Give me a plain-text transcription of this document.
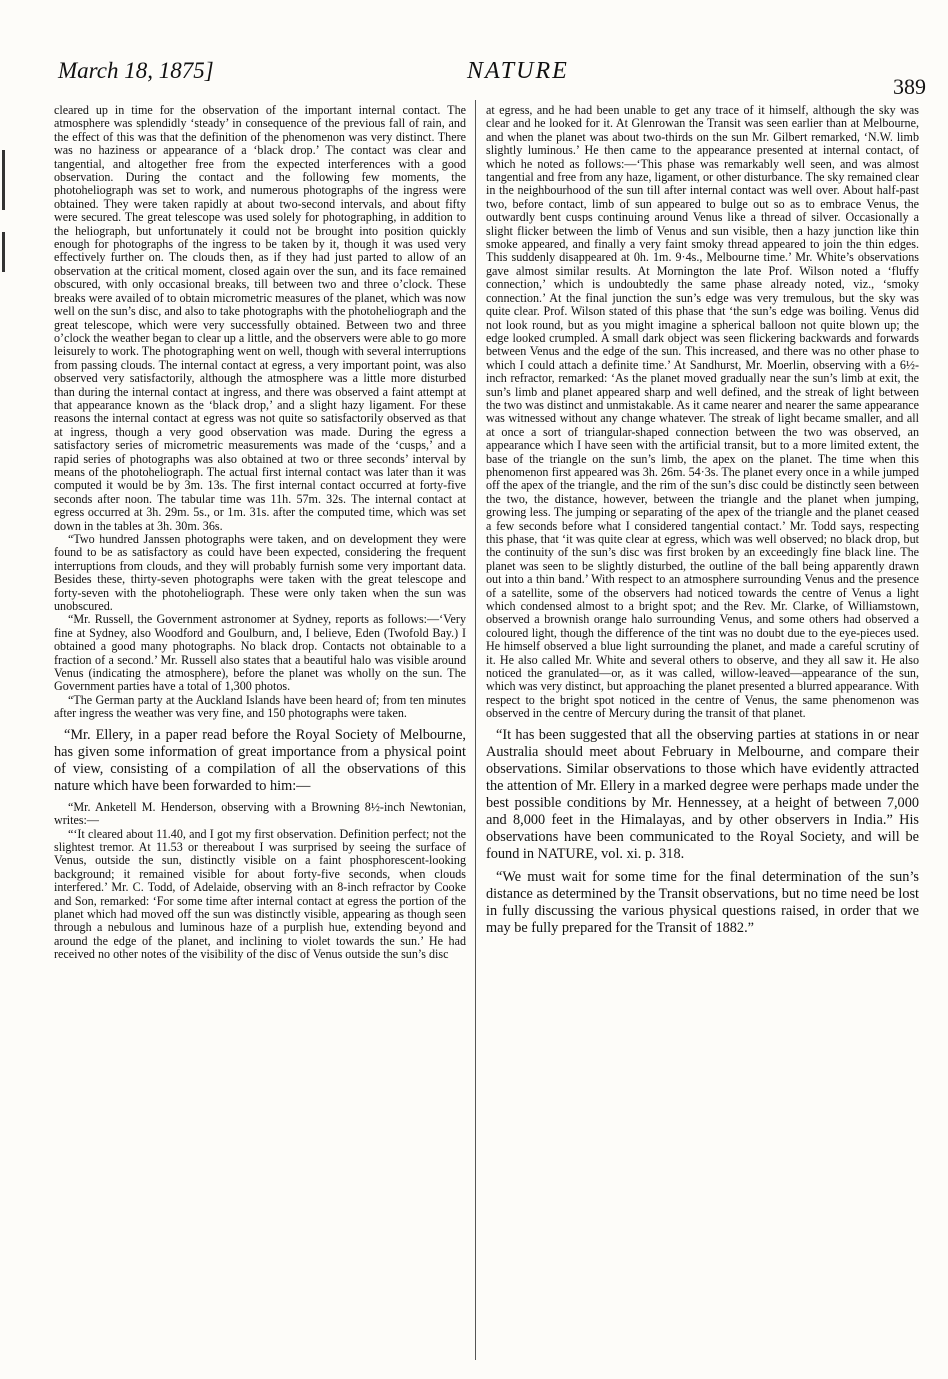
March 18, 1875]	NATURE
389

cleared up in time for the observation of the important internal contact. The atmosphere was splendidly ‘steady’ in consequence of the previous fall of rain, and the effect of this was that the definition of the phenomenon was very distinct. There was no haziness or appearance of a ‘black drop.’ The contact was clear and tangential, and altogether free from the expected interferences with a good observation. During the contact and the following few moments, the photoheliograph was set to work, and numerous photographs of the ingress were obtained. They were taken rapidly at about two-second intervals, and about fifty were secured. The great telescope was used solely for photographing, in addition to the heliograph, but unfortunately it could not be brought into position quickly enough for photographs of the ingress to be taken by it, though it was used very effectively further on. The clouds then, as if they had just parted to allow of an observation at the critical moment, closed again over the sun, and its face remained obscured, with only occasional breaks, till between two and three o’clock. These breaks were availed of to obtain micrometric measures of the planet, which was now well on the sun’s disc, and also to take photographs with the photoheliograph and the great telescope, which were very successfully obtained. Between two and three o’clock the weather began to clear up a little, and the observers were able to go more leisurely to work. The photographing went on well, though with several interruptions from passing clouds. The internal contact at egress, a very important point, was also observed very satisfactorily, although the atmosphere was a little more disturbed than during the internal contact at ingress, and there was observed a faint attempt at that appearance known as the ‘black drop,’ and a slight hazy ligament. For these reasons the internal contact at egress was not quite so satisfactorily observed as that at ingress, though a very good observation was made. During the egress a satisfactory series of micrometric measurements was made of the ‘cusps,’ and a rapid series of photographs was also obtained at two or three seconds’ interval by means of the photoheliograph. The actual first internal contact was later than it was computed it would be by 3m. 13s. The first internal contact occurred at forty-five seconds after noon. The tabular time was 11h. 57m. 32s. The internal contact at egress occurred at 3h. 29m. 5s., or 1m. 31s. after the computed time, which was set down in the tables at 3h. 30m. 36s.

“Two hundred Janssen photographs were taken, and on development they were found to be as satisfactory as could have been expected, considering the frequent interruptions from clouds, and they will probably furnish some very important data. Besides these, thirty-seven photographs were taken with the great telescope and forty-seven with the photoheliograph. These were only taken when the sun was unobscured.

“Mr. Russell, the Government astronomer at Sydney, reports as follows:—‘Very fine at Sydney, also Woodford and Goulburn, and, I believe, Eden (Twofold Bay.) I obtained a good many photographs. No black drop. Contacts not obtainable to a fraction of a second.’ Mr. Russell also states that a beautiful halo was visible around Venus (indicating the atmosphere), before the planet was wholly on the sun. The Government parties have a total of 1,300 photos.

“The German party at the Auckland Islands have been heard of; from ten minutes after ingress the weather was very fine, and 150 photographs were taken.

“Mr. Ellery, in a paper read before the Royal Society of Melbourne, has given some information of great importance from a physical point of view, consisting of a compilation of all the observations of this nature which have been forwarded to him:—

“Mr. Anketell M. Henderson, observing with a Browning 8½-inch Newtonian, writes:—

“‘It cleared about 11.40, and I got my first observation. Definition perfect; not the slightest tremor. At 11.53 or thereabout I was surprised by seeing the surface of Venus, outside the sun, distinctly visible on a faint phosphorescent-looking background; it remained visible for about forty-five seconds, when clouds interfered.’ Mr. C. Todd, of Adelaide, observing with an 8-inch refractor by Cooke and Son, remarked: ‘For some time after internal contact at egress the portion of the planet which had moved off the sun was distinctly visible, appearing as though seen through a nebulous and luminous haze of a purplish hue, extending beyond and around the edge of the planet, and inclining to violet towards the sun.’ He had received no other notes of the visibility of the disc of Venus outside the sun’s disc

at egress, and he had been unable to get any trace of it himself, although the sky was clear and he looked for it. At Glenrowan the Transit was seen earlier than at Melbourne, and when the planet was about two-thirds on the sun Mr. Gilbert remarked, ‘N.W. limb slightly luminous.’ He then came to the appearance presented at internal contact, of which he noted as follows:—‘This phase was remarkably well seen, and was almost tangential and free from any haze, ligament, or other disturbance. The sky remained clear in the neighbourhood of the sun till after internal contact was well over. About half-past two, before contact, limb of sun appeared to bulge out so as to embrace Venus, the outwardly bent cusps continuing around Venus like a thread of silver. Occasionally a slight flicker between the limb of Venus and sun visible, then a hazy junction like thin smoke appeared, and finally a very faint smoky thread appeared to join the thin edges. This suddenly disappeared at 0h. 1m. 9·4s., Melbourne time.’ Mr. White’s observations gave almost similar results. At Mornington the late Prof. Wilson noted a ‘fluffy connection,’ which is undoubtedly the same phase already noted, viz., ‘smoky connection.’ At the final junction the sun’s edge was very tremulous, but the sky was quite clear. Prof. Wilson stated of this phase that ‘the sun’s edge was boiling. Venus did not look round, but as you might imagine a spherical balloon not quite blown up; the edge looked crumpled. A small dark object was seen flickering backwards and forwards between Venus and the edge of the sun. This increased, and there was no other phase to which I could attach a definite time.’ At Sandhurst, Mr. Moerlin, observing with a 6½-inch refractor, remarked: ‘As the planet moved gradually near the sun’s limb at exit, the sun’s limb and planet appeared sharp and well defined, and the streak of light between the two was distinct and unmistakable. As it came nearer and nearer the same appearance was witnessed without any change whatever. The streak of light became smaller, and all at once a sort of triangular-shaped connection between the two was observed, an appearance which I have seen with the artificial transit, but to a more limited extent, the base of the triangle on the sun’s limb, the apex on the planet. The time when this phenomenon first appeared was 3h. 26m. 54·3s. The planet every once in a while jumped off the apex of the triangle, and the rim of the sun’s disc could be distinctly seen between the two, the distance, however, between the triangle and the planet when jumping, growing less. The jumping or separating of the apex of the triangle and the planet ceased a few seconds before what I considered tangential contact.’ Mr. Todd says, respecting this phase, that ‘it was quite clear at egress, which was well observed; no black drop, but the continuity of the sun’s disc was first broken by an exceedingly fine black line. The planet was seen to be slightly disturbed, the outline of the ball being apparently drawn out into a thin band.’ With respect to an atmosphere surrounding Venus and the presence of a satellite, some of the observers had noticed towards the centre of Venus a light which condensed almost to a bright spot; and the Rev. Mr. Clarke, of Williamstown, observed a brownish orange halo surrounding Venus, and some others had observed a coloured light, though the difference of the tint was no doubt due to the eye-pieces used. He himself observed a blue light surrounding the planet, and made a careful scrutiny of it. He also called Mr. White and several others to observe, and they all saw it. He also noticed the granulated—or, as it was called, willow-leaved—appearance of the sun, which was very distinct, but approaching the planet presented a blurred appearance. With respect to the bright spot noticed in the centre of Venus, the same phenomenon was observed in the centre of Mercury during the transit of that planet.

“It has been suggested that all the observing parties at stations in or near Australia should meet about February in Melbourne, and compare their observations. Similar observations to those which have evidently attracted the attention of Mr. Ellery in a marked degree were perhaps made under the best possible conditions by Mr. Hennessey, at a height of between 7,000 and 8,000 feet in the Himalayas, and by other observers in India.” His observations have been communicated to the Royal Society, and will be found in NATURE, vol. xi. p. 318.

“We must wait for some time for the final determination of the sun’s distance as determined by the Transit observations, but no time need be lost in fully discussing the various physical questions raised, in order that we may be fully prepared for the Transit of 1882.”
